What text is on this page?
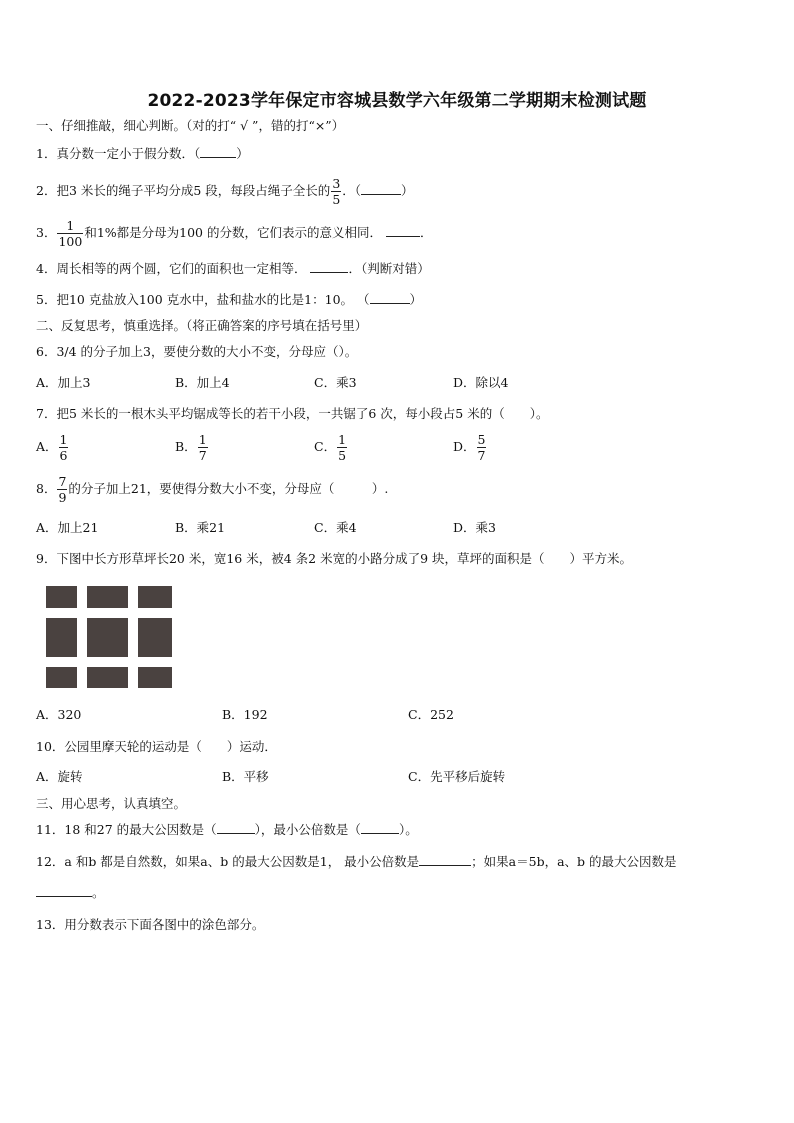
2022-2023学年保定市容城县数学六年级第二学期期末检测试题
一、仔细推敲，细心判断。（对的打“ √ ”，错的打“×”）
1．真分数一定小于假分数．（	）
2．把3 米长的绳子平均分成5 段，每段占绳子全长的 $\frac{3}{5}$ ．（	）
3． $\frac{1}{100}$ 和1%都是分母为100 的分数，它们表示的意义相同．	．
4．周长相等的两个圆，它们的面积也一定相等．	．（判断对错）
5．把10 克盐放入100 克水中，盐和盐水的比是1：10。 （	）
二、反复思考，慎重选择。（将正确答案的序号填在括号里）
6．3/4 的分子加上3，要使分数的大小不变，分母应（）。
A．加上3	B．加上4	C．乘3	D．除以4
7．把5 米长的一根木头平均锯成等长的若干小段，一共锯了6 次，每小段占5 米的（　　）。
A． $\frac{1}{6}$	B． $\frac{1}{7}$	C． $\frac{1}{5}$	D． $\frac{5}{7}$
8． $\frac{7}{9}$ 的分子加上21，要使得分数大小不变，分母应（　　　）.
A．加上21	B．乘21	C．乘4	D．乘3
9．下图中长方形草坪长20 米，宽16 米，被4 条2 米宽的小路分成了9 块，草坪的面积是（　　）平方米。
A．320	B．192	C．252
10．公园里摩天轮的运动是（　　）运动．
A．旋转	B．平移	C．先平移后旋转
三、用心思考，认真填空。
11．18 和27 的最大公因数是（	），最小公倍数是（	）。
12．a 和b 都是自然数，如果a、b 的最大公因数是1， 最小公倍数是	；如果a＝5b，a、b 的最大公因数是
。
13．用分数表示下面各图中的涂色部分。
